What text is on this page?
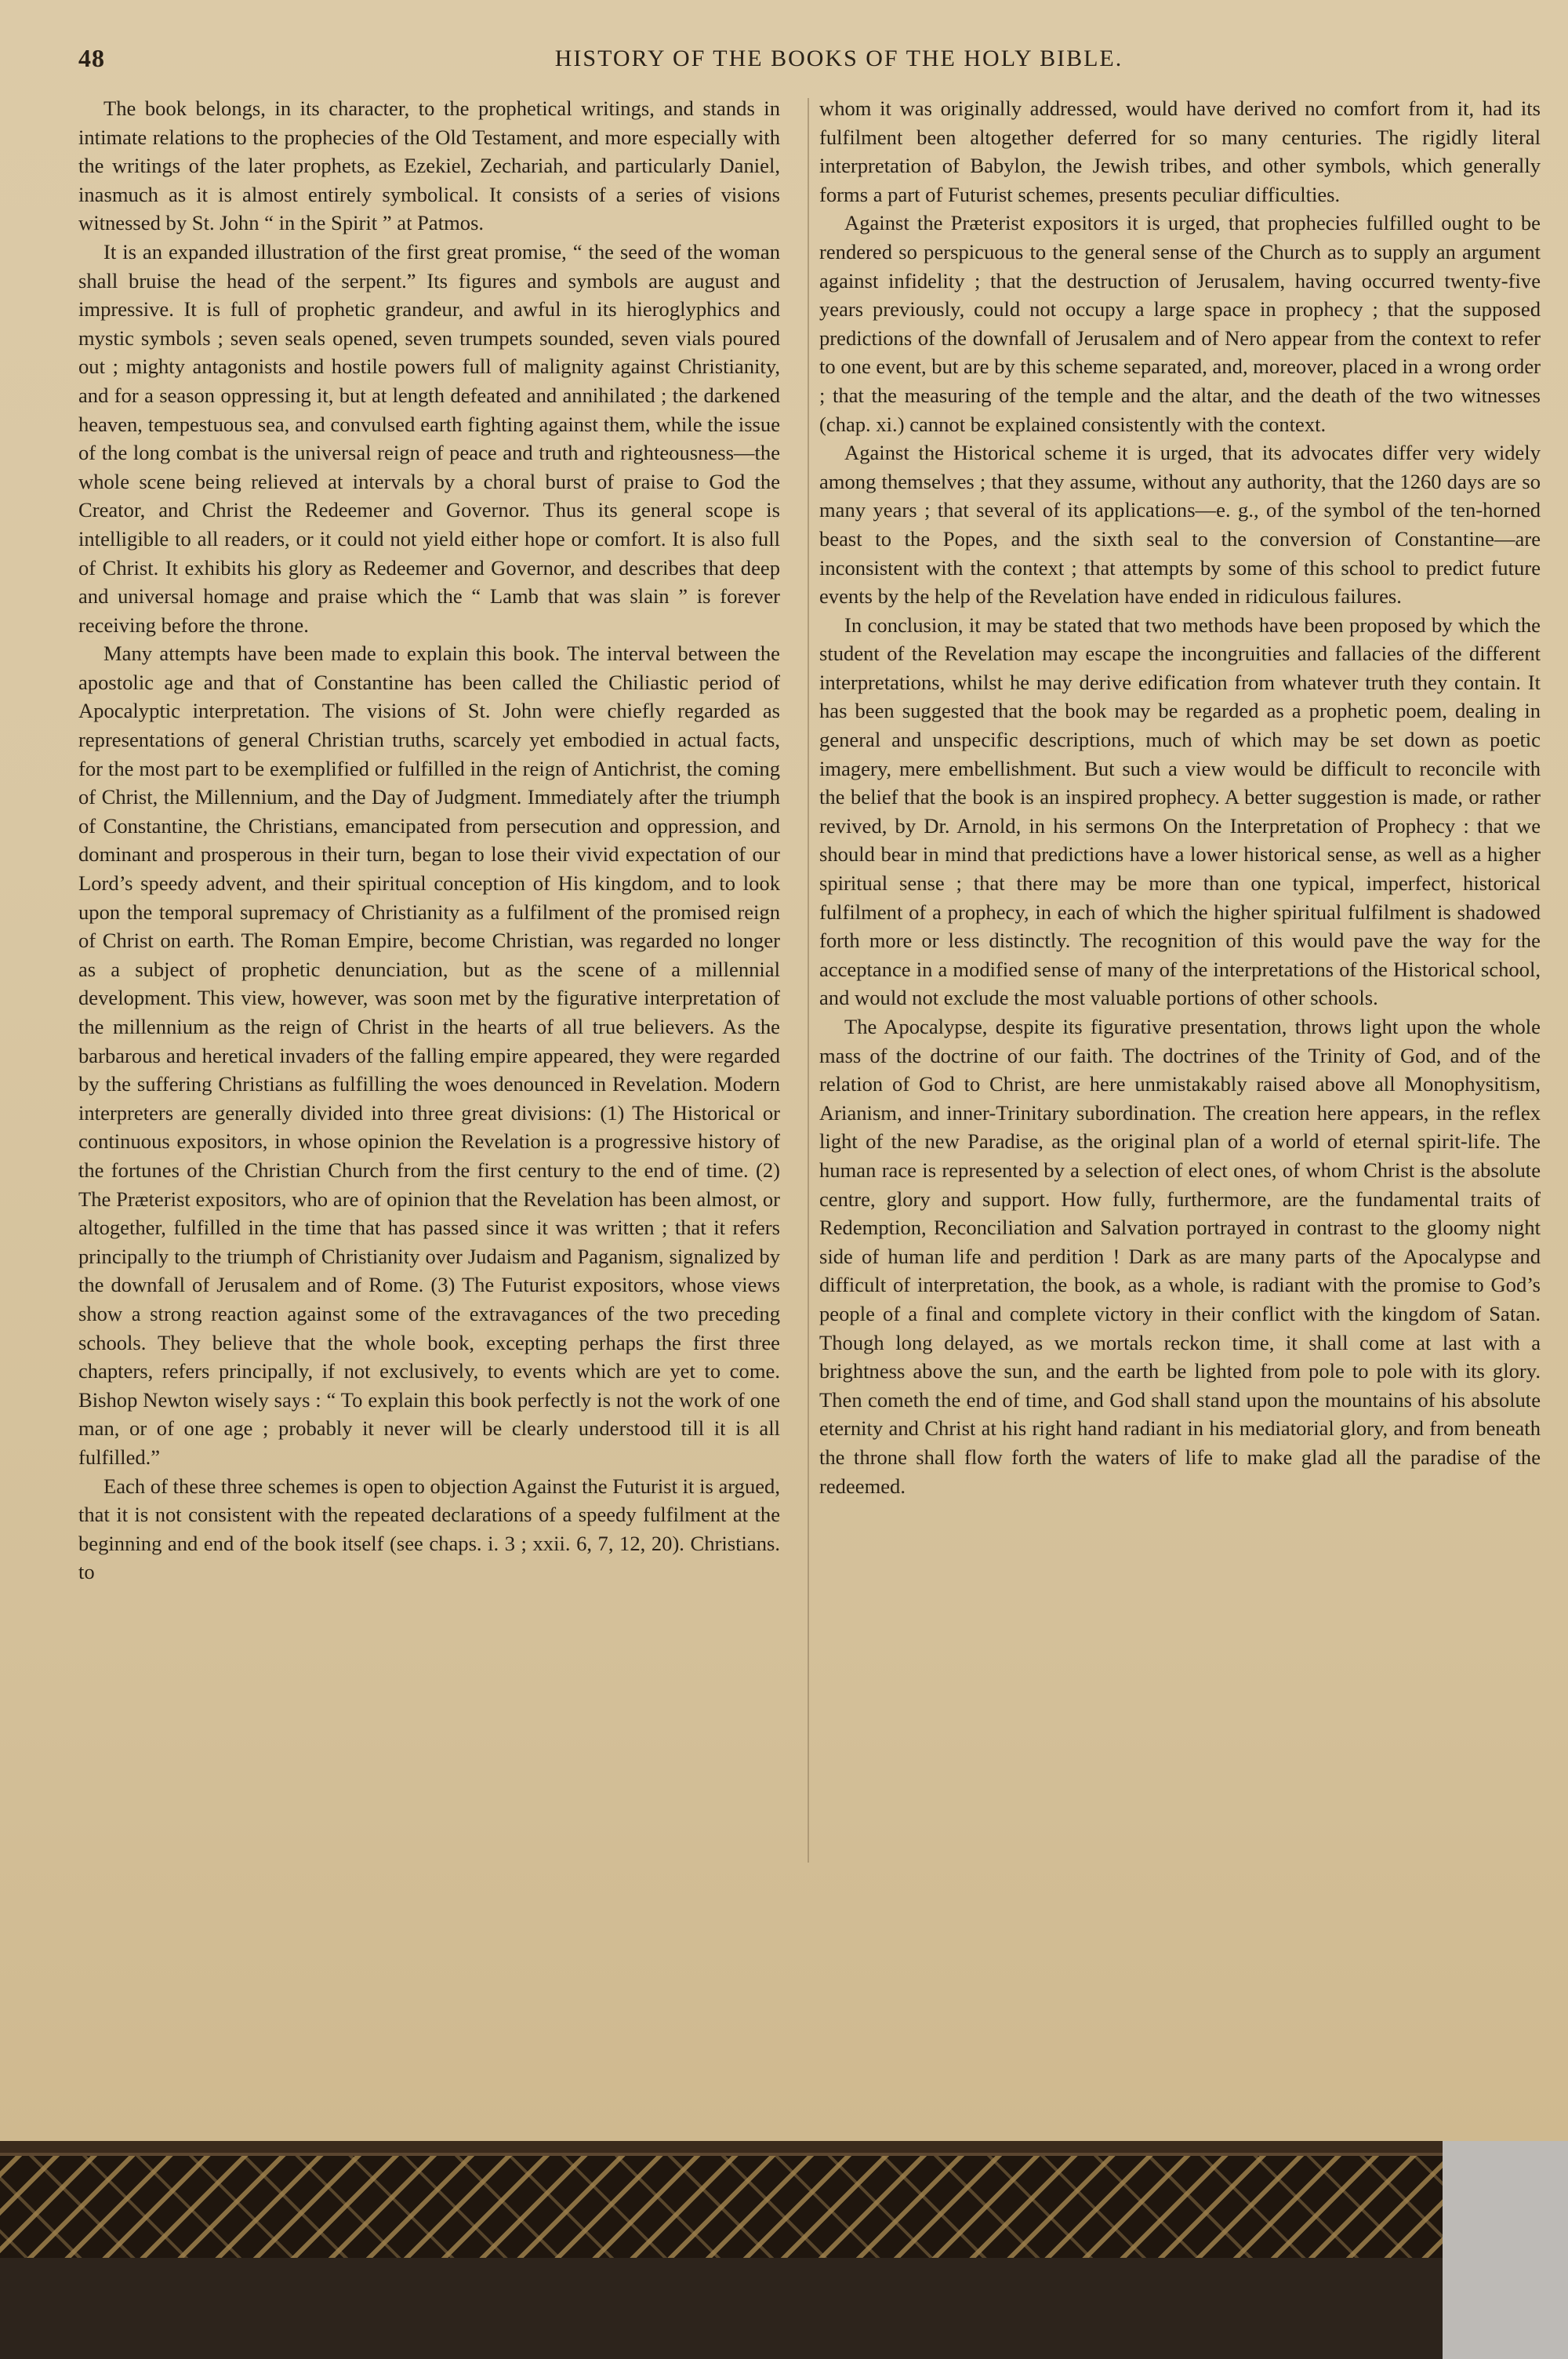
48	HISTORY OF THE BOOKS OF THE HOLY BIBLE.

The book belongs, in its character, to the prophetical writings, and stands in intimate relations to the prophecies of the Old Testament, and more especially with the writings of the later prophets, as Ezekiel, Zechariah, and particularly Daniel, inasmuch as it is almost entirely symbolical. It consists of a series of visions witnessed by St. John “ in the Spirit ” at Patmos.

It is an expanded illustration of the first great promise, “ the seed of the woman shall bruise the head of the serpent.” Its figures and symbols are august and impressive. It is full of prophetic grandeur, and awful in its hieroglyphics and mystic symbols ; seven seals opened, seven trumpets sounded, seven vials poured out ; mighty antagonists and hostile powers full of malignity against Christianity, and for a season oppressing it, but at length defeated and annihilated ; the darkened heaven, tempestuous sea, and convulsed earth fighting against them, while the issue of the long combat is the universal reign of peace and truth and righteousness—the whole scene being relieved at intervals by a choral burst of praise to God the Creator, and Christ the Redeemer and Governor. Thus its general scope is intelligible to all readers, or it could not yield either hope or comfort. It is also full of Christ. It exhibits his glory as Redeemer and Governor, and describes that deep and universal homage and praise which the “ Lamb that was slain ” is forever receiving before the throne.

Many attempts have been made to explain this book. The interval between the apostolic age and that of Constantine has been called the Chiliastic period of Apocalyptic interpretation. The visions of St. John were chiefly regarded as representations of general Christian truths, scarcely yet embodied in actual facts, for the most part to be exemplified or fulfilled in the reign of Antichrist, the coming of Christ, the Millennium, and the Day of Judgment. Immediately after the triumph of Constantine, the Christians, emancipated from persecution and oppression, and dominant and prosperous in their turn, began to lose their vivid expectation of our Lord’s speedy advent, and their spiritual conception of His kingdom, and to look upon the temporal supremacy of Christianity as a fulfilment of the promised reign of Christ on earth. The Roman Empire, become Christian, was regarded no longer as a subject of prophetic denunciation, but as the scene of a millennial development. This view, however, was soon met by the figurative interpretation of the millennium as the reign of Christ in the hearts of all true believers. As the barbarous and heretical invaders of the falling empire appeared, they were regarded by the suffering Christians as fulfilling the woes denounced in Revelation. Modern interpreters are generally divided into three great divisions: (1) The Historical or continuous expositors, in whose opinion the Revelation is a progressive history of the fortunes of the Christian Church from the first century to the end of time. (2) The Præterist expositors, who are of opinion that the Revelation has been almost, or altogether, fulfilled in the time that has passed since it was written ; that it refers principally to the triumph of Christianity over Judaism and Paganism, signalized by the downfall of Jerusalem and of Rome. (3) The Futurist expositors, whose views show a strong reaction against some of the extravagances of the two preceding schools. They believe that the whole book, excepting perhaps the first three chapters, refers principally, if not exclusively, to events which are yet to come. Bishop Newton wisely says : “ To explain this book perfectly is not the work of one man, or of one age ; probably it never will be clearly understood till it is all fulfilled.”

Each of these three schemes is open to objection Against the Futurist it is argued, that it is not consistent with the repeated declarations of a speedy fulfilment at the beginning and end of the book itself (see chaps. i. 3 ; xxii. 6, 7, 12, 20). Christians. to

whom it was originally addressed, would have derived no comfort from it, had its fulfilment been altogether deferred for so many centuries. The rigidly literal interpretation of Babylon, the Jewish tribes, and other symbols, which generally forms a part of Futurist schemes, presents peculiar difficulties.

Against the Præterist expositors it is urged, that prophecies fulfilled ought to be rendered so perspicuous to the general sense of the Church as to supply an argument against infidelity ; that the destruction of Jerusalem, having occurred twenty-five years previously, could not occupy a large space in prophecy ; that the supposed predictions of the downfall of Jerusalem and of Nero appear from the context to refer to one event, but are by this scheme separated, and, moreover, placed in a wrong order ; that the measuring of the temple and the altar, and the death of the two witnesses (chap. xi.) cannot be explained consistently with the context.

Against the Historical scheme it is urged, that its advocates differ very widely among themselves ; that they assume, without any authority, that the 1260 days are so many years ; that several of its applications—e. g., of the symbol of the ten-horned beast to the Popes, and the sixth seal to the conversion of Constantine—are inconsistent with the context ; that attempts by some of this school to predict future events by the help of the Revelation have ended in ridiculous failures.

In conclusion, it may be stated that two methods have been proposed by which the student of the Revelation may escape the incongruities and fallacies of the different interpretations, whilst he may derive edification from whatever truth they contain. It has been suggested that the book may be regarded as a prophetic poem, dealing in general and unspecific descriptions, much of which may be set down as poetic imagery, mere embellishment. But such a view would be difficult to reconcile with the belief that the book is an inspired prophecy. A better suggestion is made, or rather revived, by Dr. Arnold, in his sermons On the Interpretation of Prophecy : that we should bear in mind that predictions have a lower historical sense, as well as a higher spiritual sense ; that there may be more than one typical, imperfect, historical fulfilment of a prophecy, in each of which the higher spiritual fulfilment is shadowed forth more or less distinctly. The recognition of this would pave the way for the acceptance in a modified sense of many of the interpretations of the Historical school, and would not exclude the most valuable portions of other schools.

The Apocalypse, despite its figurative presentation, throws light upon the whole mass of the doctrine of our faith. The doctrines of the Trinity of God, and of the relation of God to Christ, are here unmistakably raised above all Monophysitism, Arianism, and inner-Trinitary subordination. The creation here appears, in the reflex light of the new Paradise, as the original plan of a world of eternal spirit-life. The human race is represented by a selection of elect ones, of whom Christ is the absolute centre, glory and support. How fully, furthermore, are the fundamental traits of Redemption, Reconciliation and Salvation portrayed in contrast to the gloomy night side of human life and perdition ! Dark as are many parts of the Apocalypse and difficult of interpretation, the book, as a whole, is radiant with the promise to God’s people of a final and complete victory in their conflict with the kingdom of Satan. Though long delayed, as we mortals reckon time, it shall come at last with a brightness above the sun, and the earth be lighted from pole to pole with its glory. Then cometh the end of time, and God shall stand upon the mountains of his absolute eternity and Christ at his right hand radiant in his mediatorial glory, and from beneath the throne shall flow forth the waters of life to make glad all the paradise of the redeemed.
